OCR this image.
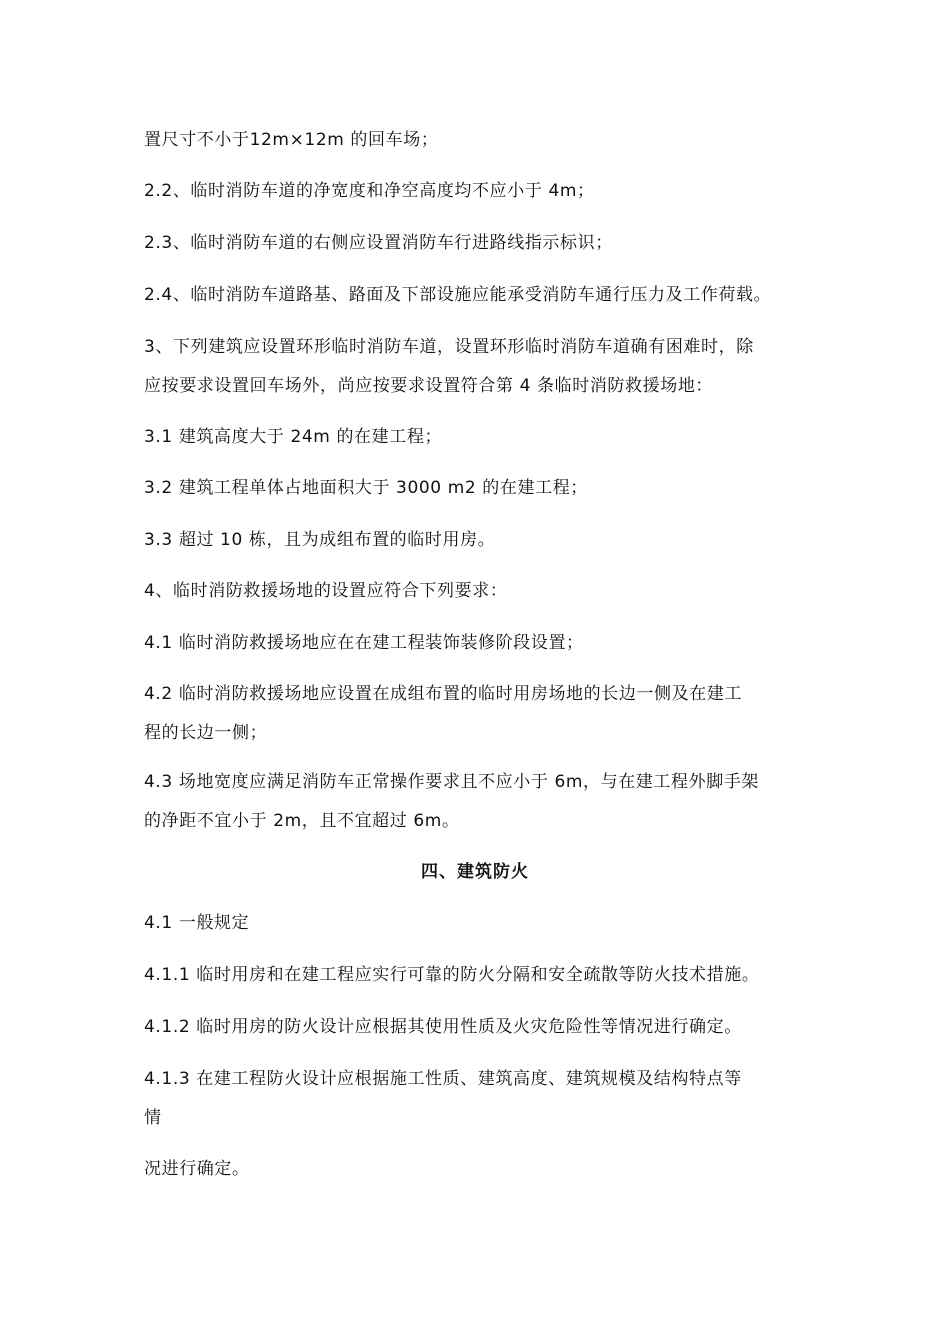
置尺寸不小于12m×12m 的回车场；
2.2、临时消防车道的净宽度和净空高度均不应小于 4m；
2.3、临时消防车道的右侧应设置消防车行进路线指示标识；
2.4、临时消防车道路基、路面及下部设施应能承受消防车通行压力及工作荷载。
3、下列建筑应设置环形临时消防车道，设置环形临时消防车道确有困难时，除
应按要求设置回车场外，尚应按要求设置符合第 4 条临时消防救援场地：
3.1 建筑高度大于 24m 的在建工程；
3.2 建筑工程单体占地面积大于 3000 m2 的在建工程；
3.3 超过 10 栋，且为成组布置的临时用房。
4、临时消防救援场地的设置应符合下列要求：
4.1 临时消防救援场地应在在建工程装饰装修阶段设置；
4.2 临时消防救援场地应设置在成组布置的临时用房场地的长边一侧及在建工
程的长边一侧；
4.3 场地宽度应满足消防车正常操作要求且不应小于 6m，与在建工程外脚手架
的净距不宜小于 2m，且不宜超过 6m。
四、建筑防火
4.1 一般规定
4.1.1 临时用房和在建工程应实行可靠的防火分隔和安全疏散等防火技术措施。
4.1.2 临时用房的防火设计应根据其使用性质及火灾危险性等情况进行确定。
4.1.3 在建工程防火设计应根据施工性质、建筑高度、建筑规模及结构特点等
情
况进行确定。
